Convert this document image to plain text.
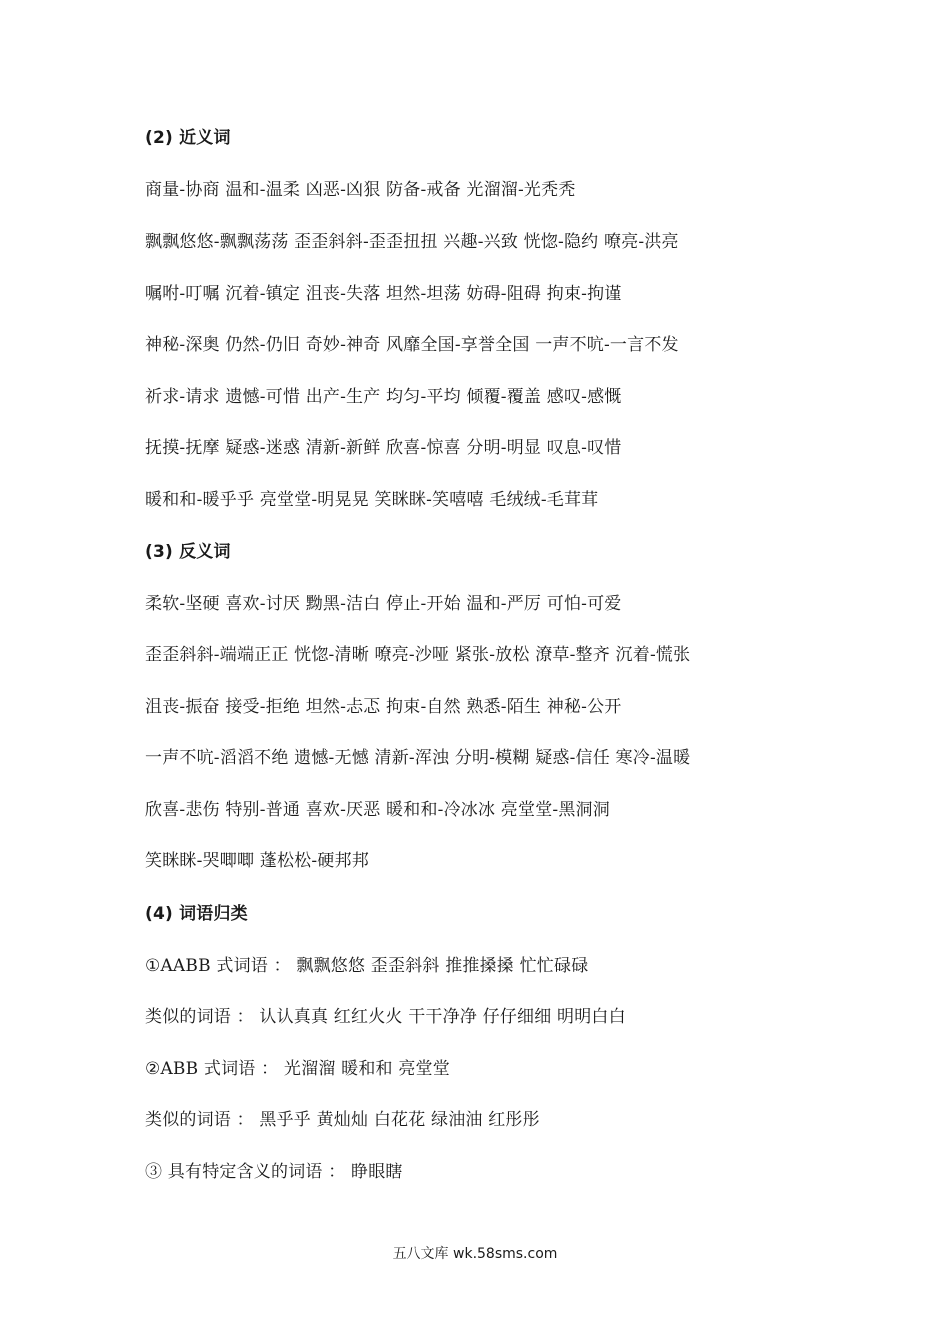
(2) 近义词
商量-协商 温和-温柔 凶恶-凶狠 防备-戒备 光溜溜-光秃秃
飘飘悠悠-飘飘荡荡 歪歪斜斜-歪歪扭扭 兴趣-兴致 恍惚-隐约 嘹亮-洪亮
嘱咐-叮嘱 沉着-镇定 沮丧-失落 坦然-坦荡 妨碍-阻碍 拘束-拘谨
神秘-深奥 仍然-仍旧 奇妙-神奇 风靡全国-享誉全国 一声不吭-一言不发
祈求-请求 遗憾-可惜 出产-生产 均匀-平均 倾覆-覆盖 感叹-感慨
抚摸-抚摩 疑惑-迷惑 清新-新鲜 欣喜-惊喜 分明-明显 叹息-叹惜
暖和和-暖乎乎 亮堂堂-明晃晃 笑眯眯-笑嘻嘻 毛绒绒-毛茸茸
(3) 反义词
柔软-坚硬 喜欢-讨厌 黝黑-洁白 停止-开始 温和-严厉 可怕-可爱
歪歪斜斜-端端正正 恍惚-清晰 嘹亮-沙哑 紧张-放松 潦草-整齐 沉着-慌张
沮丧-振奋 接受-拒绝 坦然-忐忑 拘束-自然 熟悉-陌生 神秘-公开
一声不吭-滔滔不绝 遗憾-无憾 清新-浑浊 分明-模糊 疑惑-信任 寒冷-温暖
欣喜-悲伤 特别-普通 喜欢-厌恶 暖和和-冷冰冰 亮堂堂-黑洞洞
笑眯眯-哭唧唧 蓬松松-硬邦邦
(4) 词语归类
①AABB 式词语 ： 飘飘悠悠 歪歪斜斜 推推搡搡 忙忙碌碌
类似的词语 ： 认认真真 红红火火 干干净净 仔仔细细 明明白白
②ABB 式词语 ： 光溜溜 暖和和 亮堂堂
类似的词语 ： 黑乎乎 黄灿灿 白花花 绿油油 红彤彤
③ 具有特定含义的词语 ： 睁眼瞎
五八文库 wk.58sms.com
